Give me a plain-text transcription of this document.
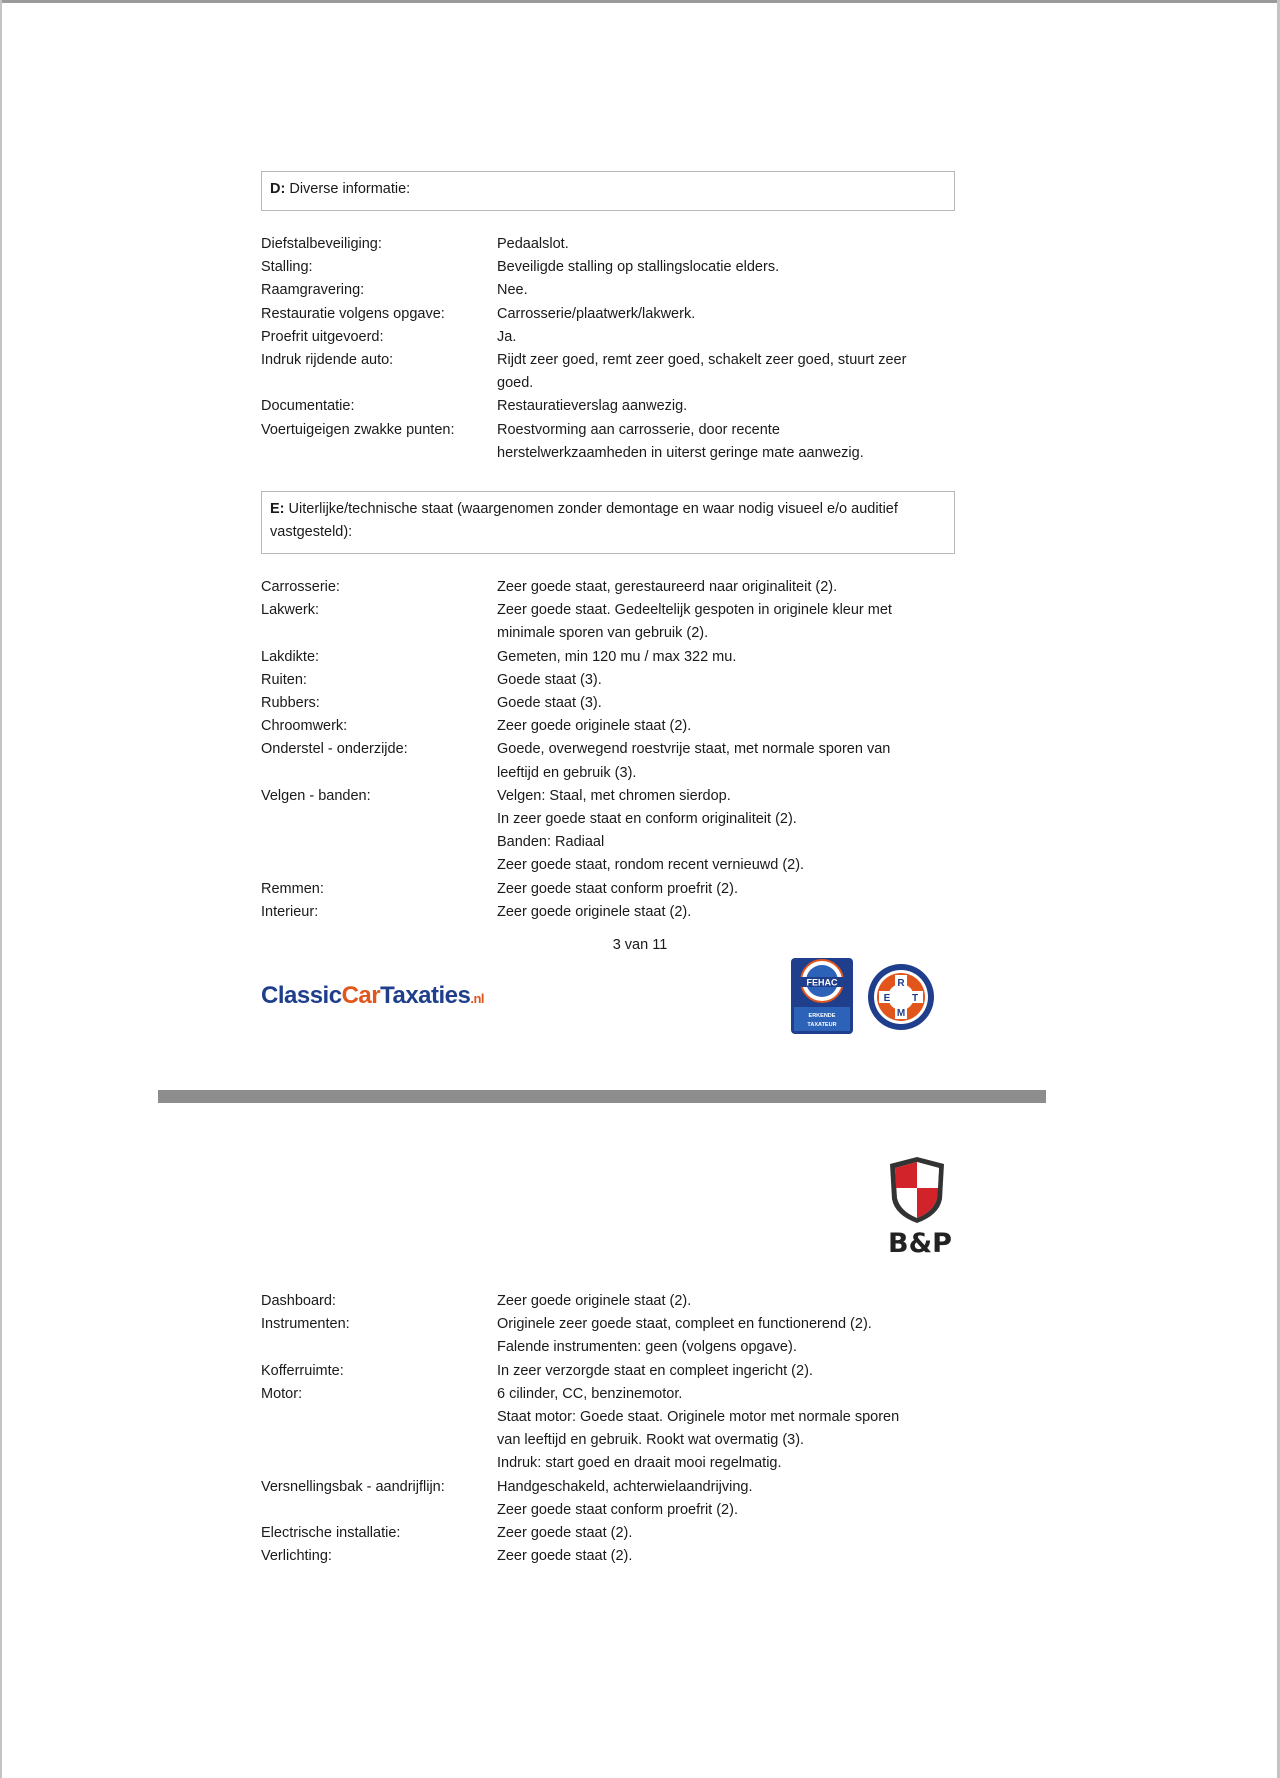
D: Diverse informatie:
Diefstalbeveiliging:	Pedaalslot.
Stalling:	Beveiligde stalling op stallingslocatie elders.
Raamgravering:	Nee.
Restauratie volgens opgave:	Carrosserie/plaatwerk/lakwerk.
Proefrit uitgevoerd:	Ja.
Indruk rijdende auto:	Rijdt zeer goed, remt zeer goed, schakelt zeer goed, stuurt zeer
goed.
Documentatie:	Restauratieverslag aanwezig.
Voertuigeigen zwakke punten:	Roestvorming aan carrosserie, door recente
herstelwerkzaamheden in uiterst geringe mate aanwezig.
E: Uiterlijke/technische staat (waargenomen zonder demontage en waar nodig visueel e/o auditief
vastgesteld):
Carrosserie:	Zeer goede staat, gerestaureerd naar originaliteit (2).
Lakwerk:	Zeer goede staat. Gedeeltelijk gespoten in originele kleur met
minimale sporen van gebruik (2).
Lakdikte:	Gemeten, min 120 mu / max 322 mu.
Ruiten:	Goede staat (3).
Rubbers:	Goede staat (3).
Chroomwerk:	Zeer goede originele staat (2).
Onderstel - onderzijde:	Goede, overwegend roestvrije staat, met normale sporen van
leeftijd en gebruik (3).
Velgen - banden:	Velgen: Staal, met chromen sierdop.
In zeer goede staat en conform originaliteit (2).
Banden: Radiaal
Zeer goede staat, rondom recent vernieuwd (2).
Remmen:	Zeer goede staat conform proefrit (2).
Interieur:	Zeer goede originele staat (2).
3 van 11
ClassicCarTaxaties.nl
FEHAC
ERKENDE
TAXATEUR
R
E T
M
B&P
Dashboard:	Zeer goede originele staat (2).
Instrumenten:	Originele zeer goede staat, compleet en functionerend (2).
Falende instrumenten: geen (volgens opgave).
Kofferruimte:	In zeer verzorgde staat en compleet ingericht (2).
Motor:	6 cilinder, CC, benzinemotor.
Staat motor: Goede staat. Originele motor met normale sporen
van leeftijd en gebruik. Rookt wat overmatig (3).
Indruk: start goed en draait mooi regelmatig.
Versnellingsbak - aandrijflijn:	Handgeschakeld, achterwielaandrijving.
Zeer goede staat conform proefrit (2).
Electrische installatie:	Zeer goede staat (2).
Verlichting:	Zeer goede staat (2).
